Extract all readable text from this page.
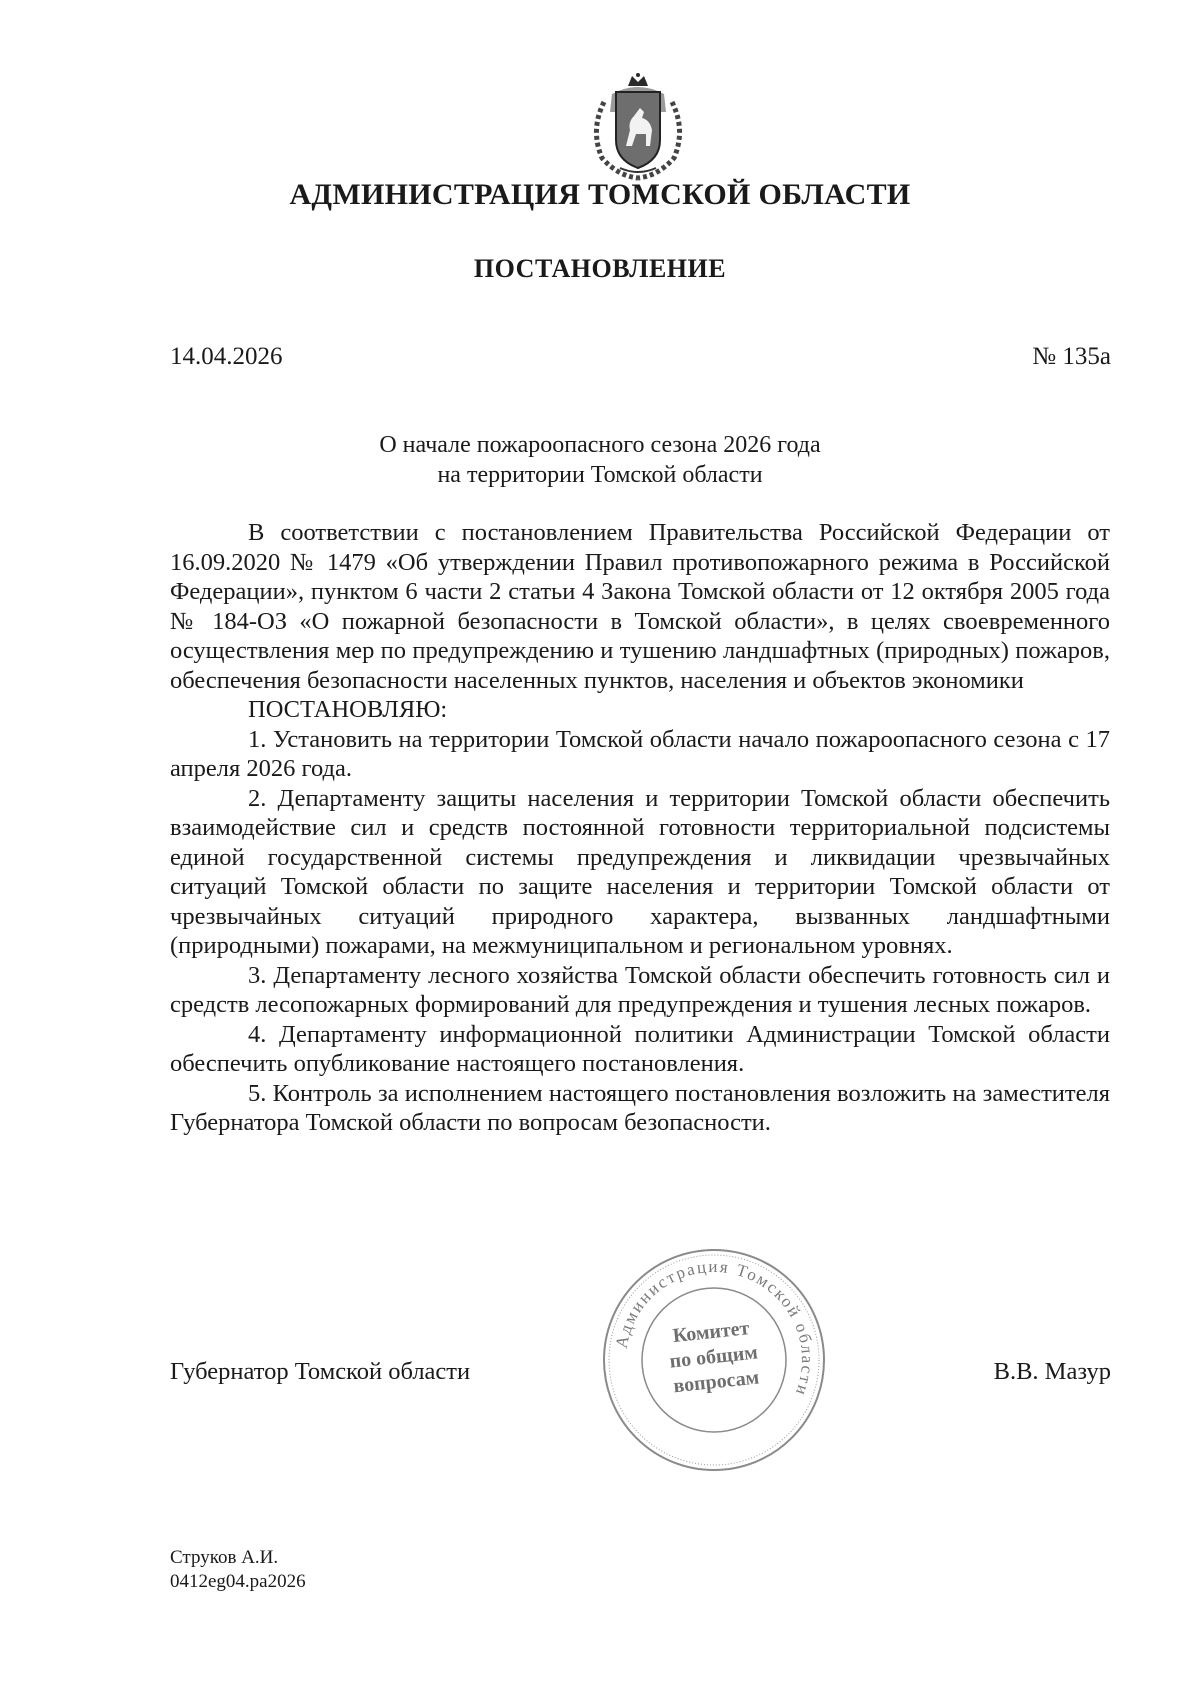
АДМИНИСТРАЦИЯ ТОМСКОЙ ОБЛАСТИ
ПОСТАНОВЛЕНИЕ
14.04.2026	№ 135а
О начале пожароопасного сезона 2026 года
на территории Томской области

В соответствии с постановлением Правительства Российской Федерации от 16.09.2020 № 1479 «Об утверждении Правил противопожарного режима в Российской Федерации», пунктом 6 части 2 статьи 4 Закона Томской области от 12 октября 2005 года № 184-ОЗ «О пожарной безопасности в Томской области», в целях своевременного осуществления мер по предупреждению и тушению ландшафтных (природных) пожаров, обеспечения безопасности населенных пунктов, населения и объектов экономики

ПОСТАНОВЛЯЮ:

1. Установить на территории Томской области начало пожароопасного сезона с 17 апреля 2026 года.

2. Департаменту защиты населения и территории Томской области обеспечить взаимодействие сил и средств постоянной готовности территориальной подсистемы единой государственной системы предупреждения и ликвидации чрезвычайных ситуаций Томской области по защите населения и территории Томской области от чрезвычайных ситуаций природного характера, вызванных ландшафтными (природными) пожарами, на межмуниципальном и региональном уровнях.

3. Департаменту лесного хозяйства Томской области обеспечить готовность сил и средств лесопожарных формирований для предупреждения и тушения лесных пожаров.

4. Департаменту информационной политики Администрации Томской области обеспечить опубликование настоящего постановления.

5. Контроль за исполнением настоящего постановления возложить на заместителя Губернатора Томской области по вопросам безопасности.

Губернатор Томской области
Администрация Томской области
Комитет
по общим
вопросам	В.В. Мазур
Струков А.И.
0412eg04.pa2026
